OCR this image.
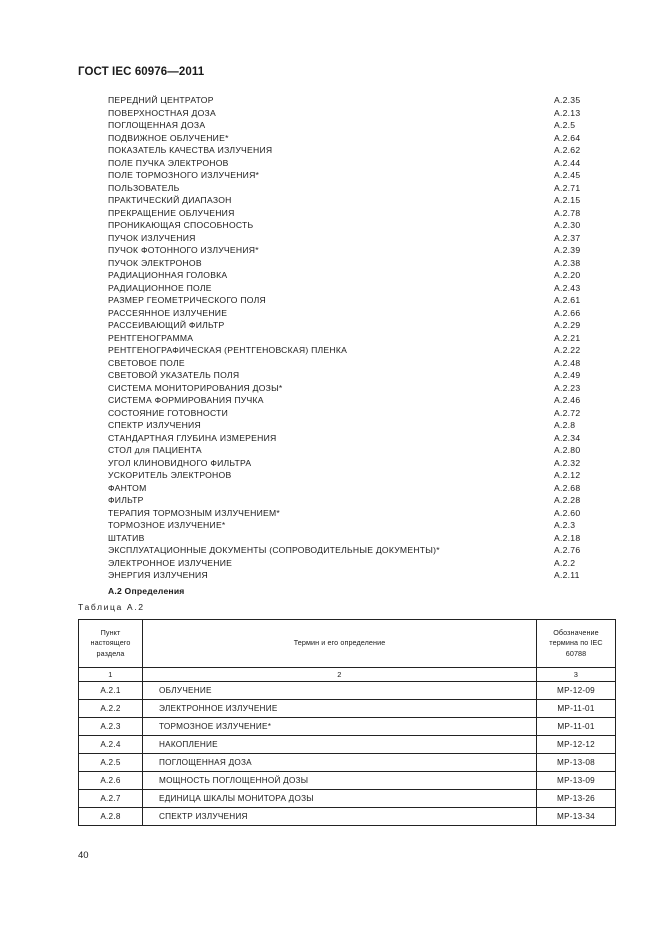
ГОСТ IEC 60976—2011
ПЕРЕДНИЙ ЦЕНТРАТОР	А.2.35
ПОВЕРХНОСТНАЯ ДОЗА	А.2.13
ПОГЛОЩЕННАЯ ДОЗА	А.2.5
ПОДВИЖНОЕ ОБЛУЧЕНИЕ*	А.2.64
ПОКАЗАТЕЛЬ КАЧЕСТВА ИЗЛУЧЕНИЯ	А.2.62
ПОЛЕ ПУЧКА ЭЛЕКТРОНОВ	А.2.44
ПОЛЕ ТОРМОЗНОГО ИЗЛУЧЕНИЯ*	А.2.45
ПОЛЬЗОВАТЕЛЬ	А.2.71
ПРАКТИЧЕСКИЙ ДИАПАЗОН	А.2.15
ПРЕКРАЩЕНИЕ ОБЛУЧЕНИЯ	А.2.78
ПРОНИКАЮЩАЯ СПОСОБНОСТЬ	А.2.30
ПУЧОК ИЗЛУЧЕНИЯ	А.2.37
ПУЧОК ФОТОННОГО ИЗЛУЧЕНИЯ*	А.2.39
ПУЧОК ЭЛЕКТРОНОВ	А.2.38
РАДИАЦИОННАЯ ГОЛОВКА	А.2.20
РАДИАЦИОННОЕ ПОЛЕ	А.2.43
РАЗМЕР ГЕОМЕТРИЧЕСКОГО ПОЛЯ	А.2.61
РАССЕЯННОЕ ИЗЛУЧЕНИЕ	А.2.66
РАССЕИВАЮЩИЙ ФИЛЬТР	А.2.29
РЕНТГЕНОГРАММА	А.2.21
РЕНТГЕНОГРАФИЧЕСКАЯ (РЕНТГЕНОВСКАЯ) ПЛЕНКА	А.2.22
СВЕТОВОЕ ПОЛЕ	А.2.48
СВЕТОВОЙ УКАЗАТЕЛЬ ПОЛЯ	А.2.49
СИСТЕМА МОНИТОРИРОВАНИЯ ДОЗЫ*	А.2.23
СИСТЕМА ФОРМИРОВАНИЯ ПУЧКА	А.2.46
СОСТОЯНИЕ ГОТОВНОСТИ	А.2.72
СПЕКТР ИЗЛУЧЕНИЯ	А.2.8
СТАНДАРТНАЯ ГЛУБИНА ИЗМЕРЕНИЯ	А.2.34
СТОЛ для ПАЦИЕНТА	А.2.80
УГОЛ КЛИНОВИДНОГО ФИЛЬТРА	А.2.32
УСКОРИТЕЛЬ ЭЛЕКТРОНОВ	А.2.12
ФАНТОМ	А.2.68
ФИЛЬТР	А.2.28
ТЕРАПИЯ ТОРМОЗНЫМ ИЗЛУЧЕНИЕМ*	А.2.60
ТОРМОЗНОЕ ИЗЛУЧЕНИЕ*	А.2.3
ШТАТИВ	А.2.18
ЭКСПЛУАТАЦИОННЫЕ ДОКУМЕНТЫ (СОПРОВОДИТЕЛЬНЫЕ ДОКУМЕНТЫ)*	А.2.76
ЭЛЕКТРОННОЕ ИЗЛУЧЕНИЕ	А.2.2
ЭНЕРГИЯ ИЗЛУЧЕНИЯ	А.2.11
А.2 Определения
Таблица А.2
Пункт настоящего раздела	Термин и его определение	Обозначение термина по IEC 60788
1	2	3
А.2.1	ОБЛУЧЕНИЕ	МР-12-09
А.2.2	ЭЛЕКТРОННОЕ ИЗЛУЧЕНИЕ	МР-11-01
А.2.3	ТОРМОЗНОЕ ИЗЛУЧЕНИЕ*	МР-11-01
А.2.4	НАКОПЛЕНИЕ	МР-12-12
А.2.5	ПОГЛОЩЕННАЯ ДОЗА	МР-13-08
А.2.6	МОЩНОСТЬ ПОГЛОЩЕННОЙ ДОЗЫ	МР-13-09
А.2.7	ЕДИНИЦА ШКАЛЫ МОНИТОРА ДОЗЫ	МР-13-26
А.2.8	СПЕКТР ИЗЛУЧЕНИЯ	МР-13-34
40
